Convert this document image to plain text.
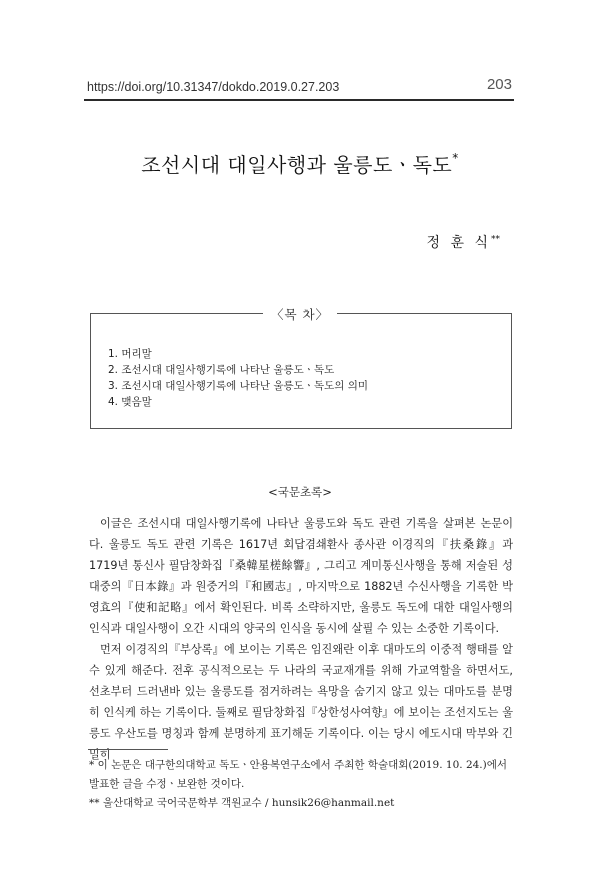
https://doi.org/10.31347/dokdo.2019.0.27.203	203
조선시대 대일사행과 울릉도ㆍ독도*
정 훈 식**
〈목 차〉
1. 머리말
2. 조선시대 대일사행기록에 나타난 울릉도ㆍ독도
3. 조선시대 대일사행기록에 나타난 울릉도ㆍ독도의 의미
4. 맺음말
<국문초록>

이글은 조선시대 대일사행기록에 나타난 울릉도와 독도 관련 기록을 살펴본 논문이다. 울릉도 독도 관련 기록은 1617년 회답겸쇄환사 종사관 이경직의『扶桑錄』과 1719년 통신사 필담창화집『桑韓星槎餘響』, 그리고 계미통신사행을 통해 저술된 성대중의『日本錄』과 원중거의『和國志』, 마지막으로 1882년 수신사행을 기록한 박영효의『使和記略』에서 확인된다. 비록 소략하지만, 울릉도 독도에 대한 대일사행의 인식과 대일사행이 오간 시대의 양국의 인식을 동시에 살필 수 있는 소중한 기록이다.

먼저 이경직의『부상록』에 보이는 기록은 임진왜란 이후 대마도의 이중적 행태를 알 수 있게 해준다. 전후 공식적으로는 두 나라의 국교재개를 위해 가교역할을 하면서도, 선초부터 드러낸바 있는 울릉도를 점거하려는 욕망을 숨기지 않고 있는 대마도를 분명히 인식케 하는 기록이다. 둘째로 필담창화집『상한성사여향』에 보이는 조선지도는 울릉도 우산도를 명칭과 함께 분명하게 표기해둔 기록이다. 이는 당시 에도시대 막부와 긴밀히

* 이 논문은 대구한의대학교 독도ㆍ안용복연구소에서 주최한 학술대회(2019. 10. 24.)에서 발표한 글을 수정ㆍ보완한 것이다.

** 울산대학교 국어국문학부 객원교수 / hunsik26@hanmail.net
